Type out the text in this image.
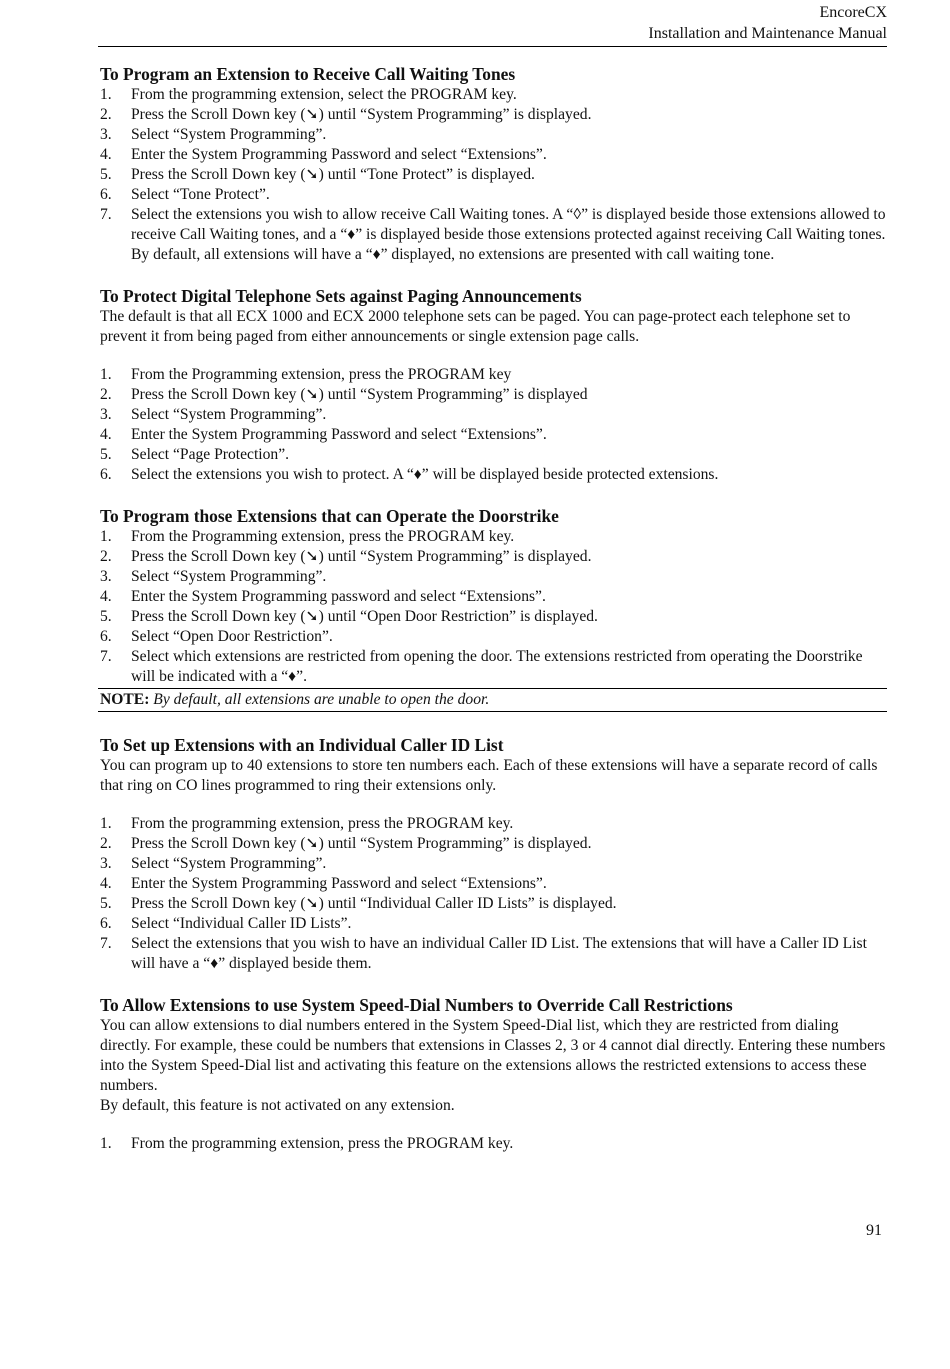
EncoreCX
Installation and Maintenance Manual
To Program an Extension to Receive Call Waiting Tones
1.	From the programming extension, select the PROGRAM key.
2.	Press the Scroll Down key (➘) until “System Programming” is displayed.
3.	Select “System Programming”.
4.	Enter the System Programming Password and select “Extensions”.
5.	Press the Scroll Down key (➘) until “Tone Protect” is displayed.
6.	Select “Tone Protect”.
7.	Select the extensions you wish to allow receive Call Waiting tones. A “◊” is displayed beside those extensions allowed to receive Call Waiting tones, and a “♦” is displayed beside those extensions protected against receiving Call Waiting tones. By default, all extensions will have a “♦” displayed, no extensions are presented with call waiting tone.
To Protect Digital Telephone Sets against Paging Announcements

The default is that all ECX 1000 and ECX 2000 telephone sets can be paged. You can page-protect each telephone set to prevent it from being paged from either announcements or single extension page calls.

1.	From the Programming extension, press the PROGRAM key
2.	Press the Scroll Down key (➘) until “System Programming” is displayed
3.	Select “System Programming”.
4.	Enter the System Programming Password and select “Extensions”.
5.	Select “Page Protection”.
6.	Select the extensions you wish to protect. A “♦” will be displayed beside protected extensions.
To Program those Extensions that can Operate the Doorstrike
1.	From the Programming extension, press the PROGRAM key.
2.	Press the Scroll Down key (➘) until “System Programming” is displayed.
3.	Select “System Programming”.
4.	Enter the System Programming password and select “Extensions”.
5.	Press the Scroll Down key (➘) until “Open Door Restriction” is displayed.
6.	Select “Open Door Restriction”.
7.	Select which extensions are restricted from opening the door. The extensions restricted from operating the Doorstrike will be indicated with a “♦”.
NOTE: By default, all extensions are unable to open the door.
To Set up Extensions with an Individual Caller ID List

You can program up to 40 extensions to store ten numbers each. Each of these extensions will have a separate record of calls that ring on CO lines programmed to ring their extensions only.

1.	From the programming extension, press the PROGRAM key.
2.	Press the Scroll Down key (➘) until “System Programming” is displayed.
3.	Select “System Programming”.
4.	Enter the System Programming Password and select “Extensions”.
5.	Press the Scroll Down key (➘) until “Individual Caller ID Lists” is displayed.
6.	Select “Individual Caller ID Lists”.
7.	Select the extensions that you wish to have an individual Caller ID List. The extensions that will have a Caller ID List will have a “♦” displayed beside them.
To Allow Extensions to use System Speed-Dial Numbers to Override Call Restrictions

You can allow extensions to dial numbers entered in the System Speed-Dial list, which they are restricted from dialing directly. For example, these could be numbers that extensions in Classes 2, 3 or 4 cannot dial directly. Entering these numbers into the System Speed-Dial list and activating this feature on the extensions allows the restricted extensions to access these numbers.

By default, this feature is not activated on any extension.

1.	From the programming extension, press the PROGRAM key.
91
